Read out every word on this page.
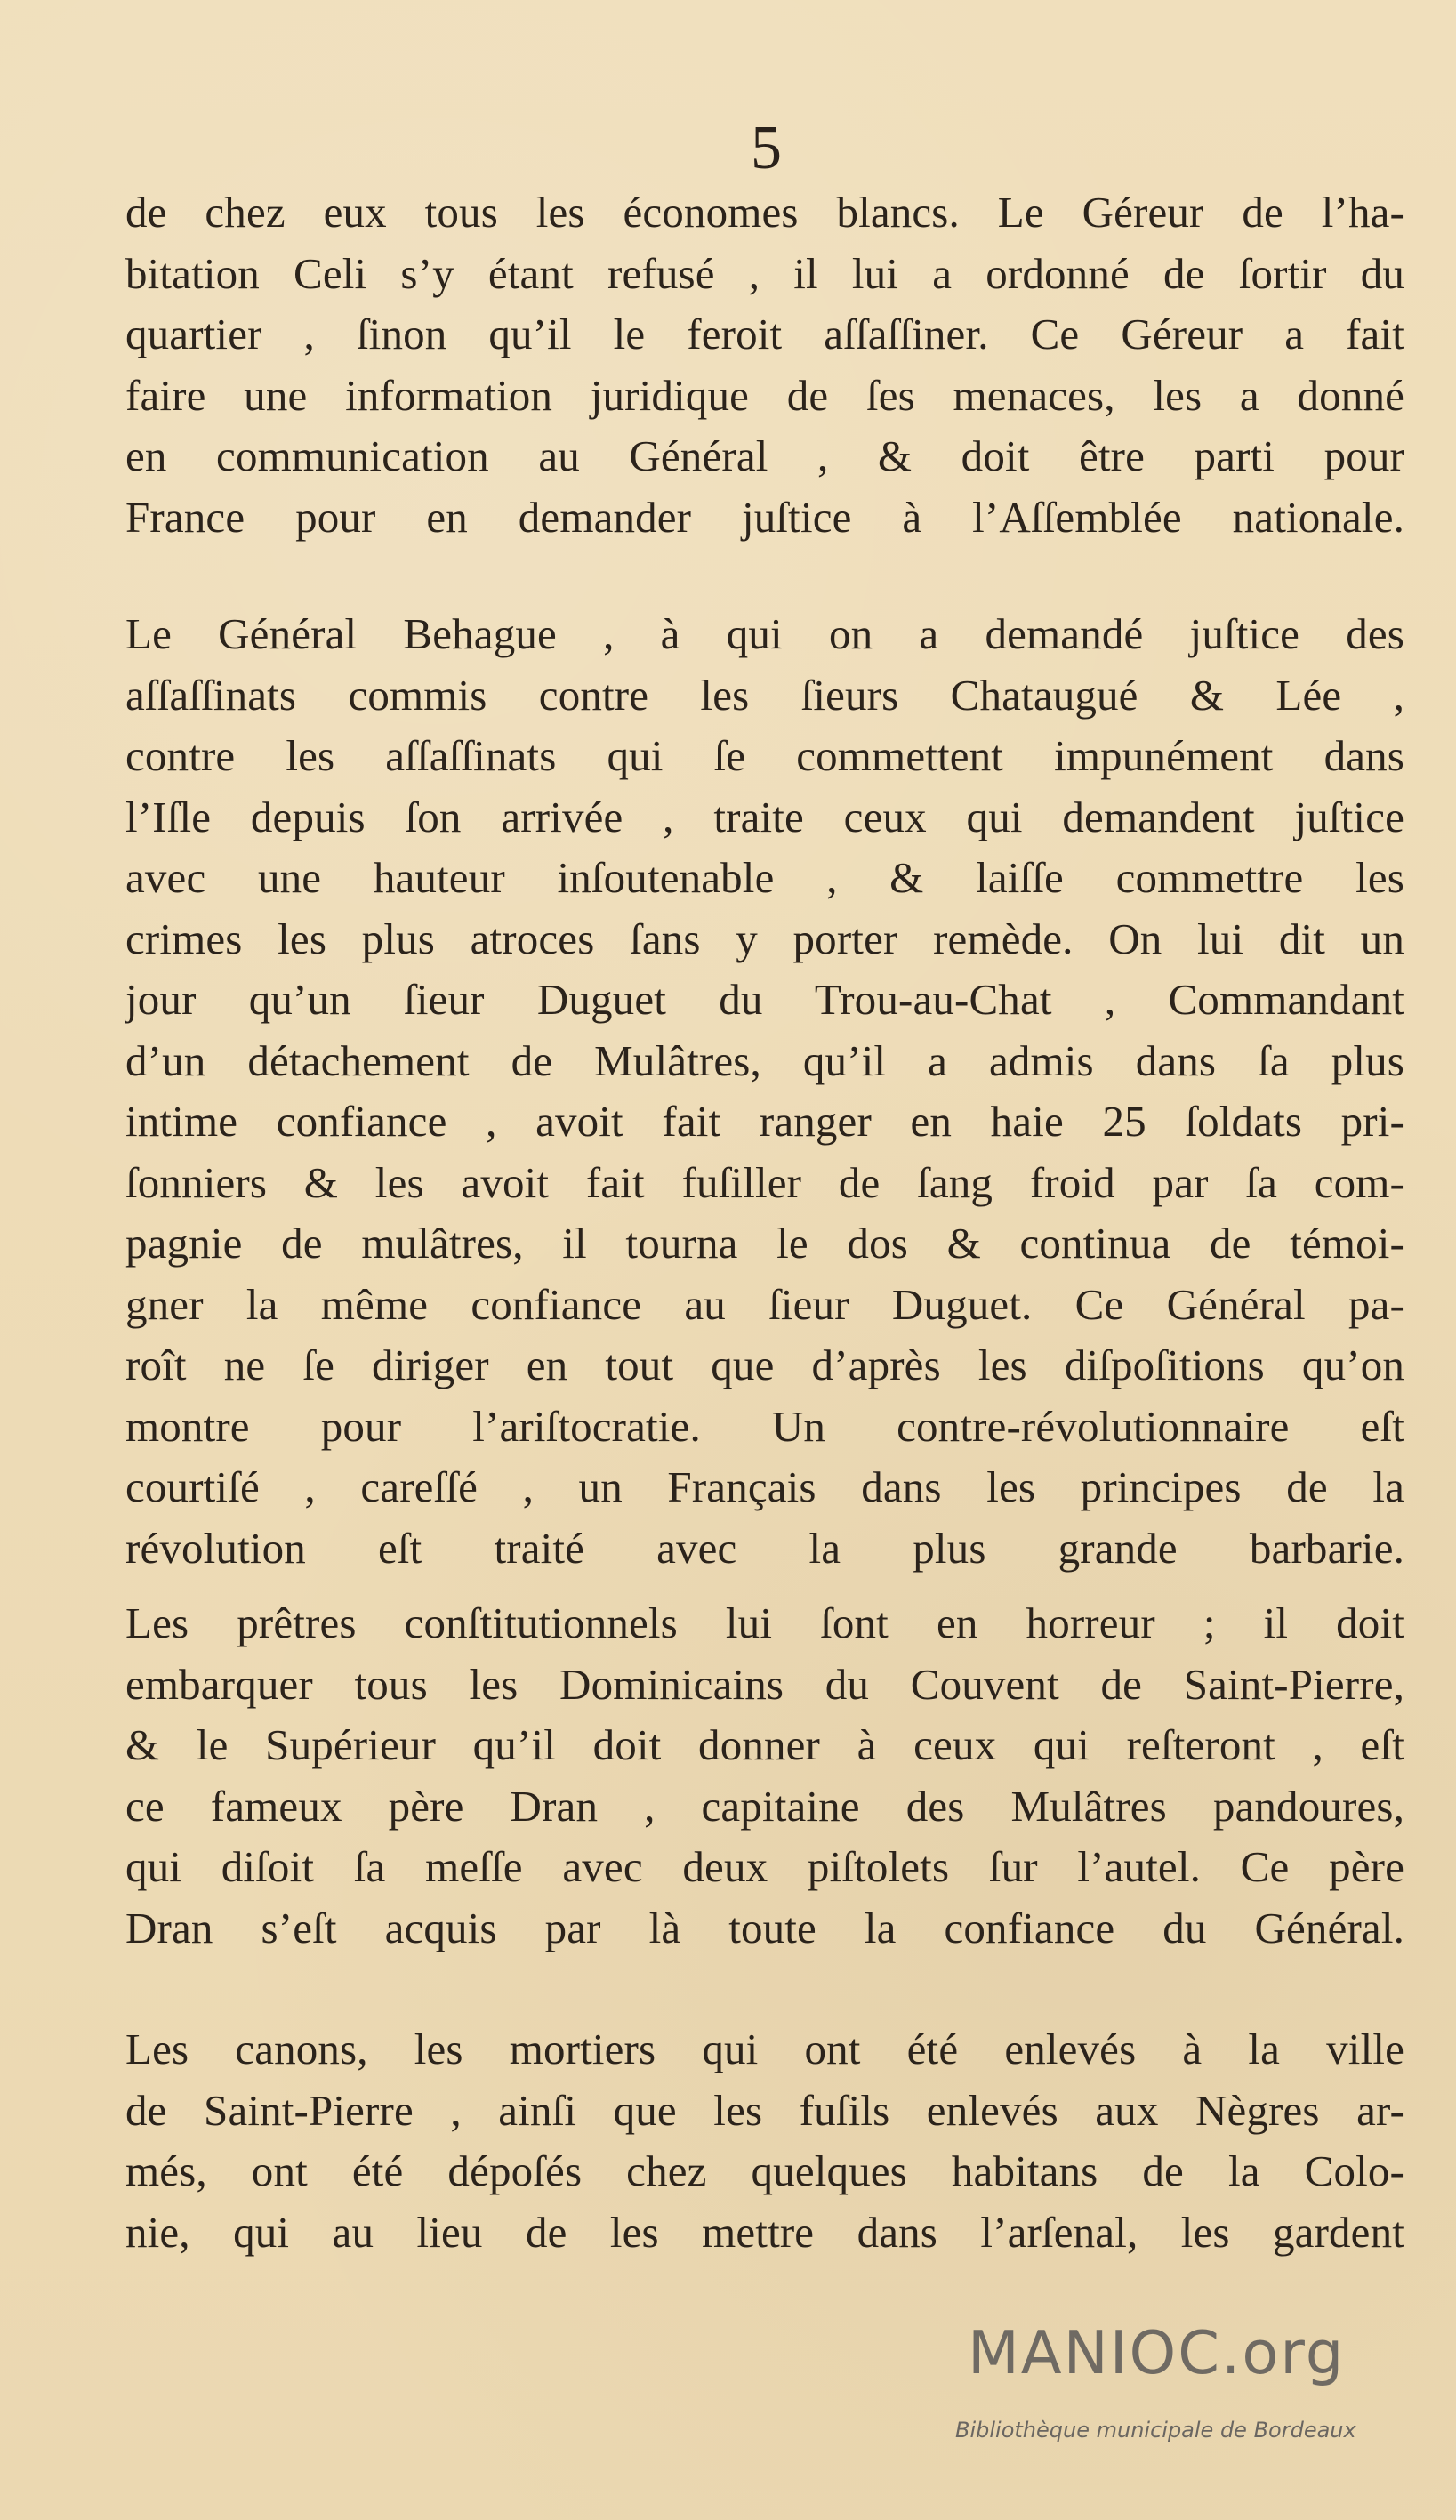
5
de chez eux tous les économes blancs. Le Géreur de l’ha-
bitation Celi s’y étant refusé , il lui a ordonné de ſortir du
quartier , ſinon qu’il le feroit aſſaſſiner. Ce Géreur a fait
faire une information juridique de ſes menaces, les a donné
en communication au Général , & doit être parti pour
France pour en demander juſtice à l’Aſſemblée nationale.
Le Général Behague , à qui on a demandé juſtice des
aſſaſſinats commis contre les ſieurs Chataugué & Lée ,
contre les aſſaſſinats qui ſe commettent impunément dans
l’Iſle depuis ſon arrivée , traite ceux qui demandent juſtice
avec une hauteur inſoutenable , & laiſſe commettre les
crimes les plus atroces ſans y porter remède. On lui dit un
jour qu’un ſieur Duguet du Trou-au-Chat , Commandant
d’un détachement de Mulâtres, qu’il a admis dans ſa plus
intime confiance , avoit fait ranger en haie 25 ſoldats pri-
ſonniers & les avoit fait fuſiller de ſang froid par ſa com-
pagnie de mulâtres, il tourna le dos & continua de témoi-
gner la même confiance au ſieur Duguet. Ce Général pa-
roît ne ſe diriger en tout que d’après les diſpoſitions qu’on
montre pour l’ariſtocratie. Un contre-révolutionnaire eſt
courtiſé , careſſé , un Français dans les principes de la
révolution eſt traité avec la plus grande barbarie.
Les prêtres conſtitutionnels lui ſont en horreur ; il doit
embarquer tous les Dominicains du Couvent de Saint-Pierre,
& le Supérieur qu’il doit donner à ceux qui reſteront , eſt
ce fameux père Dran , capitaine des Mulâtres pandoures,
qui diſoit ſa meſſe avec deux piſtolets ſur l’autel. Ce père
Dran s’eſt acquis par là toute la confiance du Général.
Les canons, les mortiers qui ont été enlevés à la ville
de Saint-Pierre , ainſi que les fuſils enlevés aux Nègres ar-
més, ont été dépoſés chez quelques habitans de la Colo-
nie, qui au lieu de les mettre dans l’arſenal, les gardent
MANIOC.org
Bibliothèque municipale de Bordeaux
